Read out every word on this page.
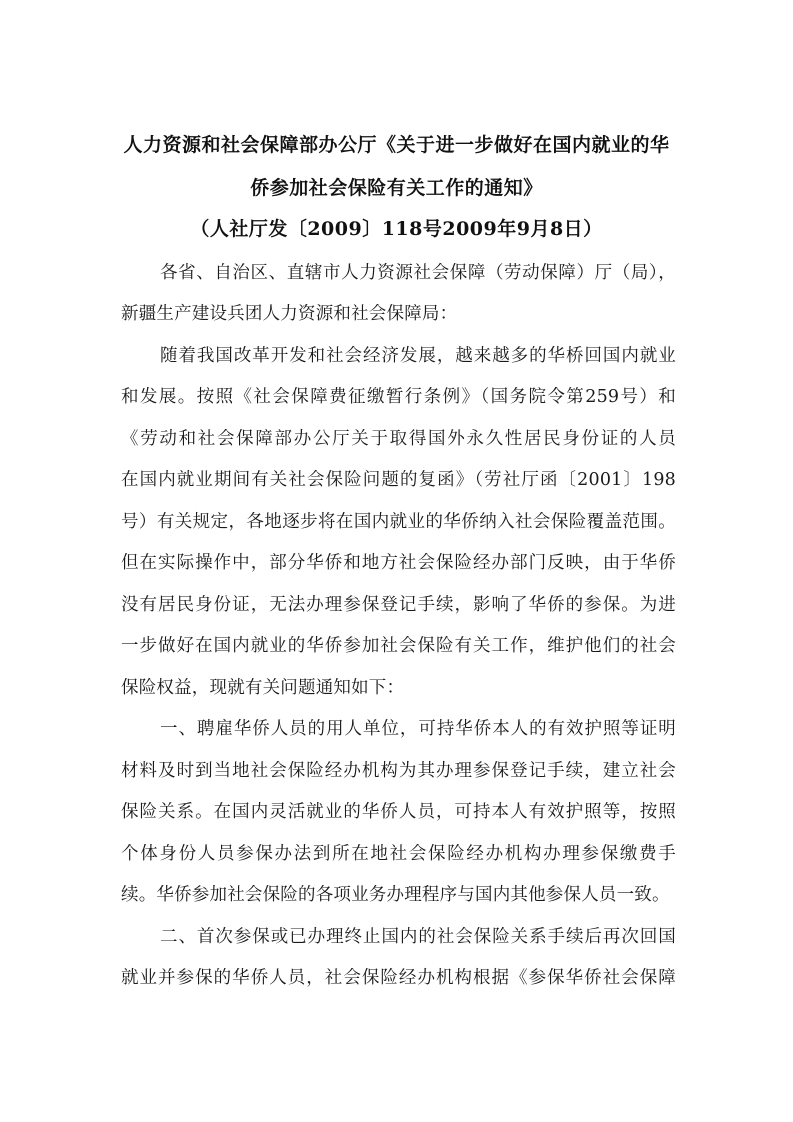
人力资源和社会保障部办公厅《关于进一步做好在国内就业的华
侨参加社会保险有关工作的通知》
（人社厅发〔2009〕118号2009年9月8日）
各省、自治区、直辖市人力资源社会保障（劳动保障）厅（局），
新疆生产建设兵团人力资源和社会保障局：
随着我国改革开发和社会经济发展，越来越多的华桥回国内就业
和发展。按照《社会保障费征缴暂行条例》（国务院令第259号）和
《劳动和社会保障部办公厅关于取得国外永久性居民身份证的人员
在国内就业期间有关社会保险问题的复函》（劳社厅函〔2001〕198
号）有关规定，各地逐步将在国内就业的华侨纳入社会保险覆盖范围。
但在实际操作中，部分华侨和地方社会保险经办部门反映，由于华侨
没有居民身份证，无法办理参保登记手续，影响了华侨的参保。为进
一步做好在国内就业的华侨参加社会保险有关工作，维护他们的社会
保险权益，现就有关问题通知如下：
一、聘雇华侨人员的用人单位，可持华侨本人的有效护照等证明
材料及时到当地社会保险经办机构为其办理参保登记手续，建立社会
保险关系。在国内灵活就业的华侨人员，可持本人有效护照等，按照
个体身份人员参保办法到所在地社会保险经办机构办理参保缴费手
续。华侨参加社会保险的各项业务办理程序与国内其他参保人员一致。
二、首次参保或已办理终止国内的社会保险关系手续后再次回国
就业并参保的华侨人员，社会保险经办机构根据《参保华侨社会保障
